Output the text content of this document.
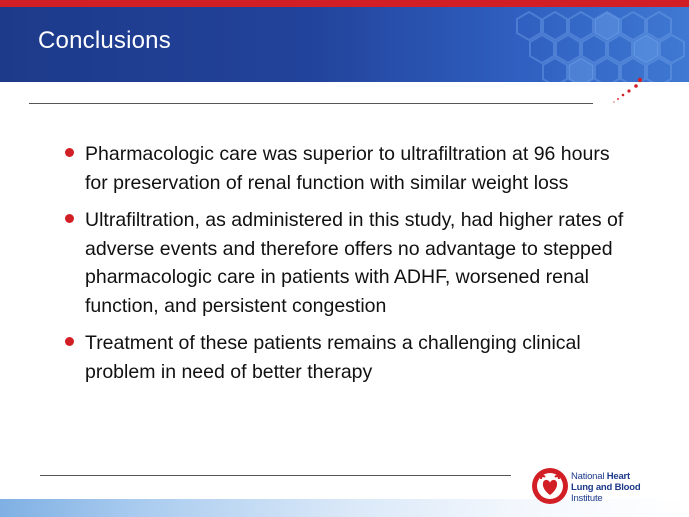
Conclusions
Pharmacologic care was superior to ultrafiltration at 96 hours for preservation of renal function with similar weight loss
Ultrafiltration, as administered in this study, had higher rates of adverse events and therefore offers no advantage to stepped pharmacologic care in patients with ADHF, worsened renal function, and persistent congestion
Treatment of these patients remains a challenging clinical problem in need of better therapy
National Heart
Lung and Blood Institute
